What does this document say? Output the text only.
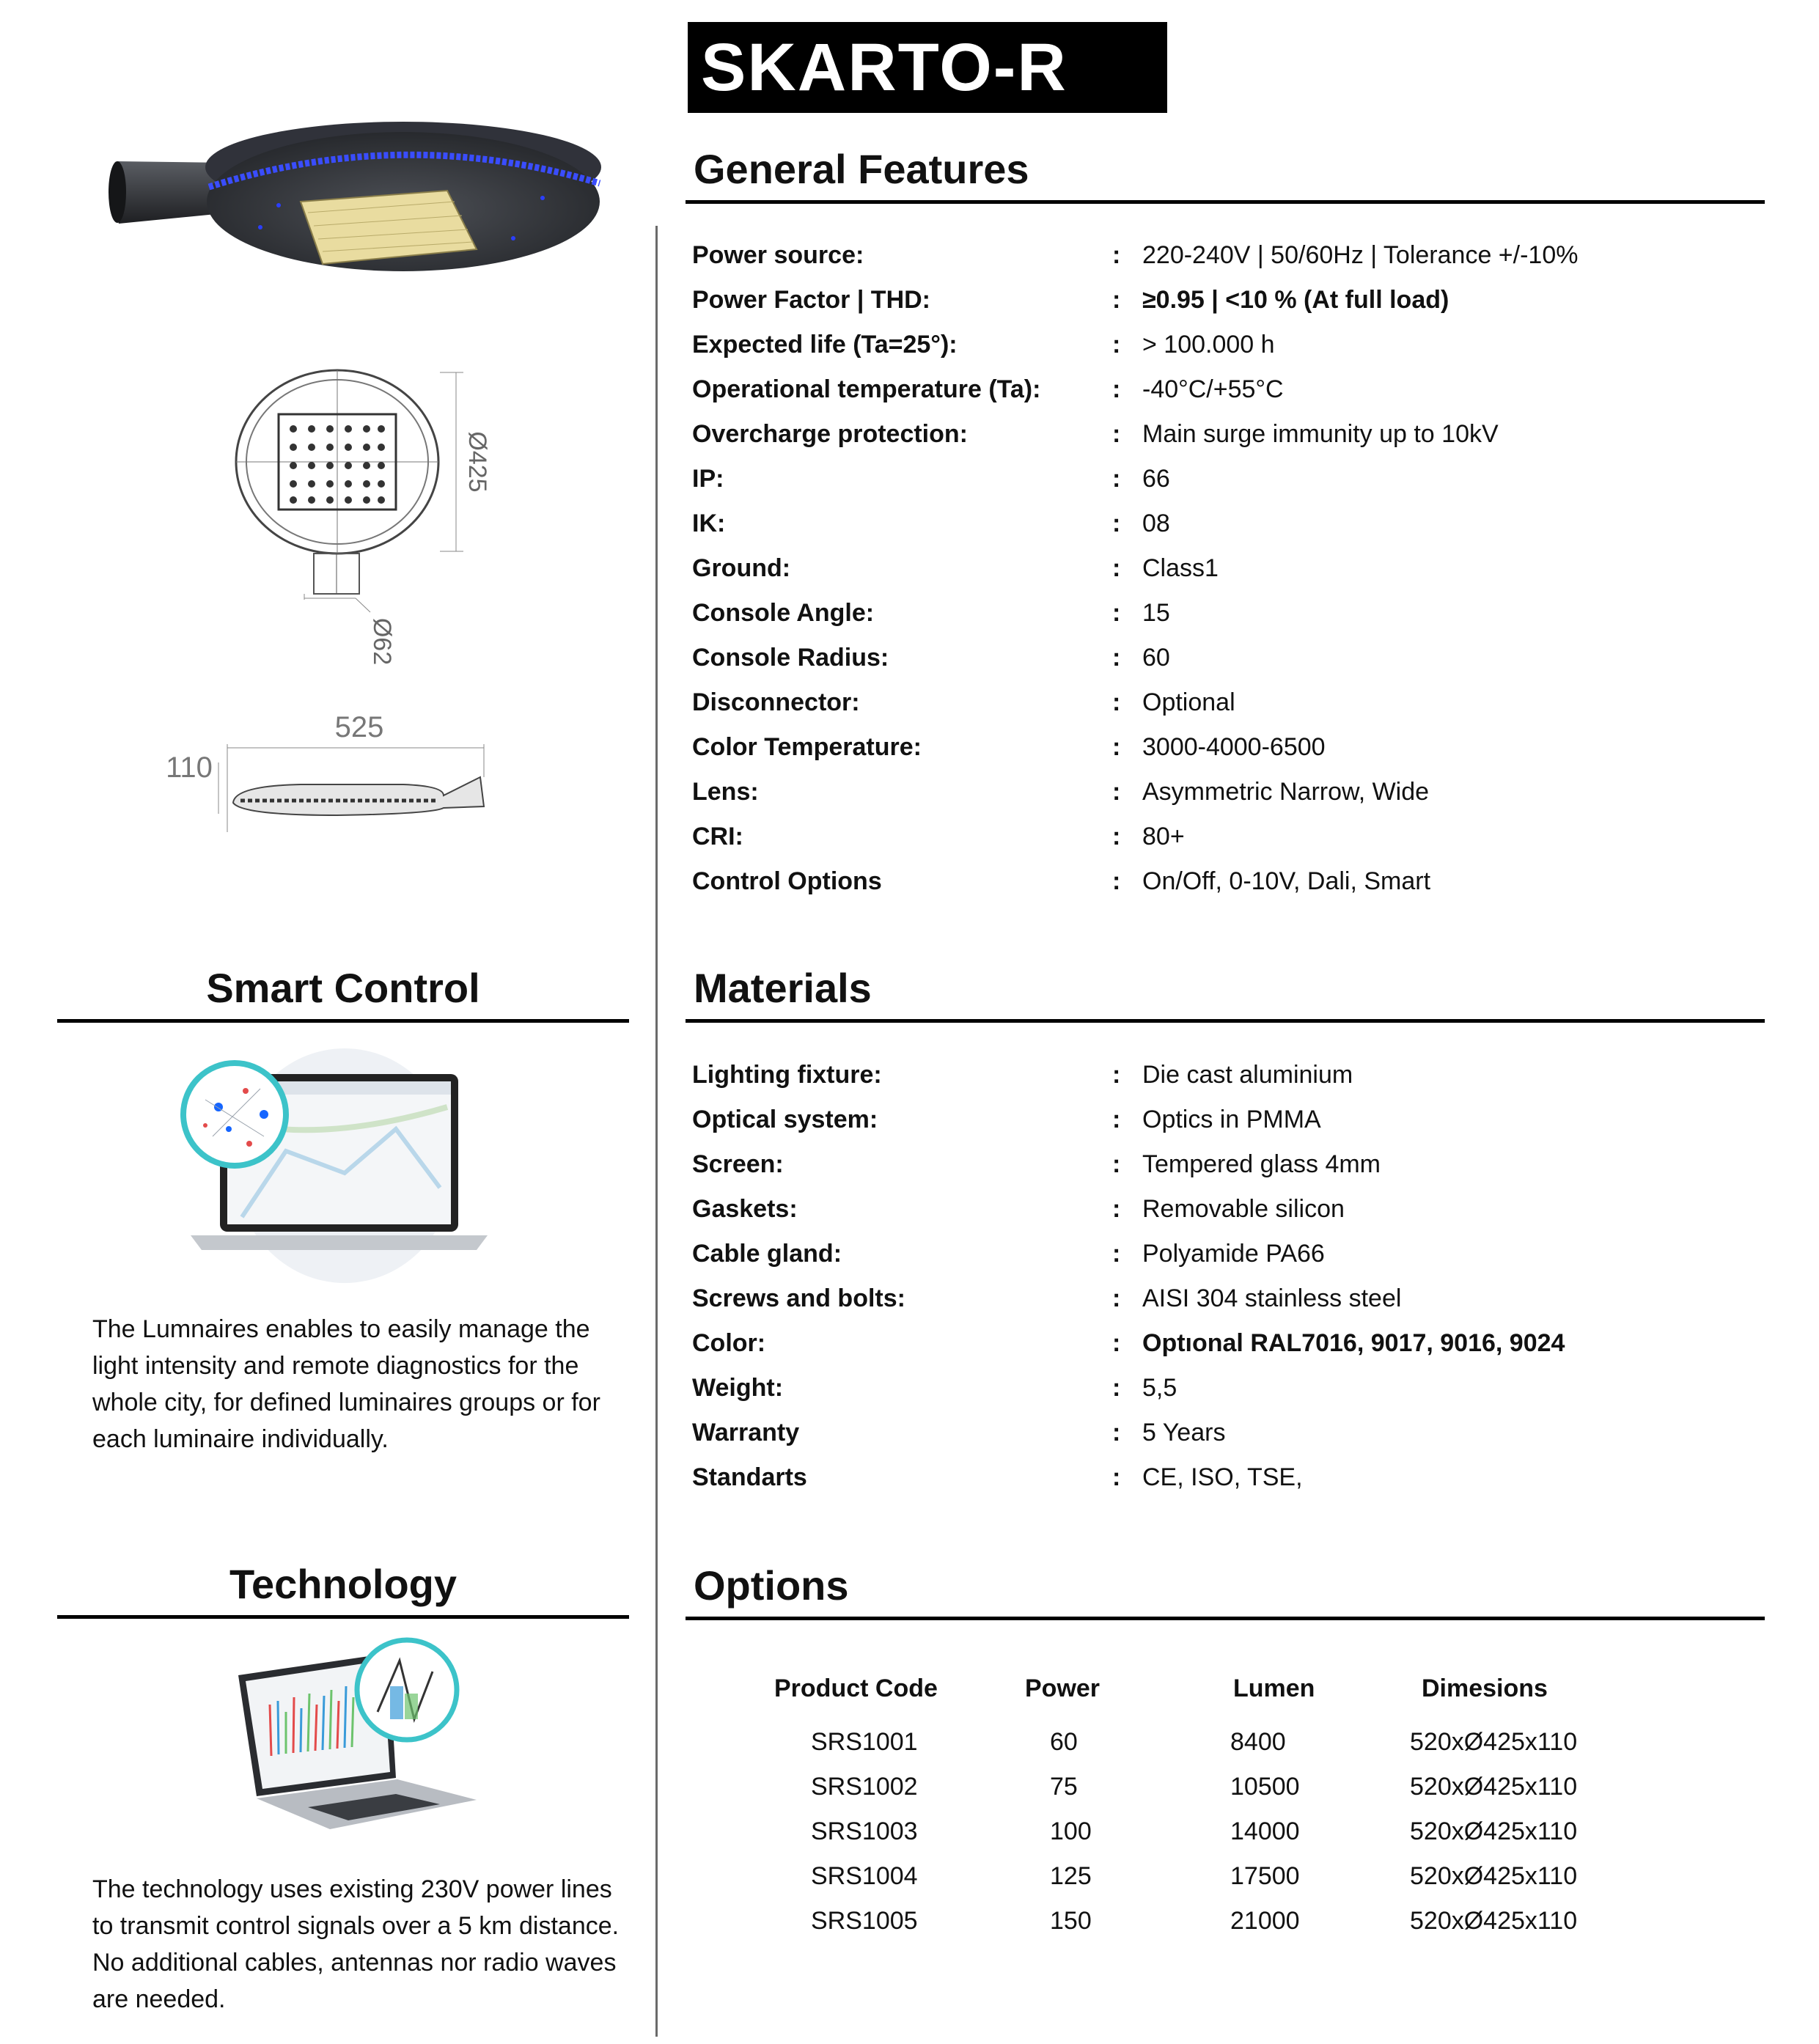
SKARTO-R
Ø425
Ø62
525
110
General Features
Power source:	: 220-240V | 50/60Hz | Tolerance +/-10%
Power Factor | THD:	: ≥0.95 | <10 % (At full load)
Expected life (Ta=25°):	: > 100.000 h
Operational temperature (Ta):	: -40°C/+55°C
Overcharge protection:	: Main surge immunity up to 10kV
IP:	: 66
IK:	: 08
Ground:	: Class1
Console Angle:	: 15
Console Radius:	: 60
Disconnector:	: Optional
Color Temperature:	: 3000-4000-6500
Lens:	: Asymmetric Narrow, Wide
CRI:	: 80+
Control Options	: On/Off, 0-10V, Dali, Smart
Materials
Lighting fixture:	: Die cast aluminium
Optical system:	: Optics in PMMA
Screen:	: Tempered glass 4mm
Gaskets:	: Removable silicon
Cable gland:	: Polyamide PA66
Screws and bolts:	: AISI 304 stainless steel
Color:	: Optıonal RAL7016, 9017, 9016, 9024
Weight:	: 5,5
Warranty	: 5 Years
Standarts	: CE, ISO, TSE,
Options
Product Code	Power	Lumen	Dimesions
SRS1001	60	8400	520xØ425x110
SRS1002	75	10500	520xØ425x110
SRS1003	100	14000	520xØ425x110
SRS1004	125	17500	520xØ425x110
SRS1005	150	21000	520xØ425x110
Smart Control
The Lumnaires enables to easily manage the light intensity and remote diagnostics for the whole city, for defined luminaires groups or for each luminaire individually.
Technology
The technology uses existing 230V power lines to transmit control signals over a 5 km distance. No additional cables, antennas nor radio waves are needed.
